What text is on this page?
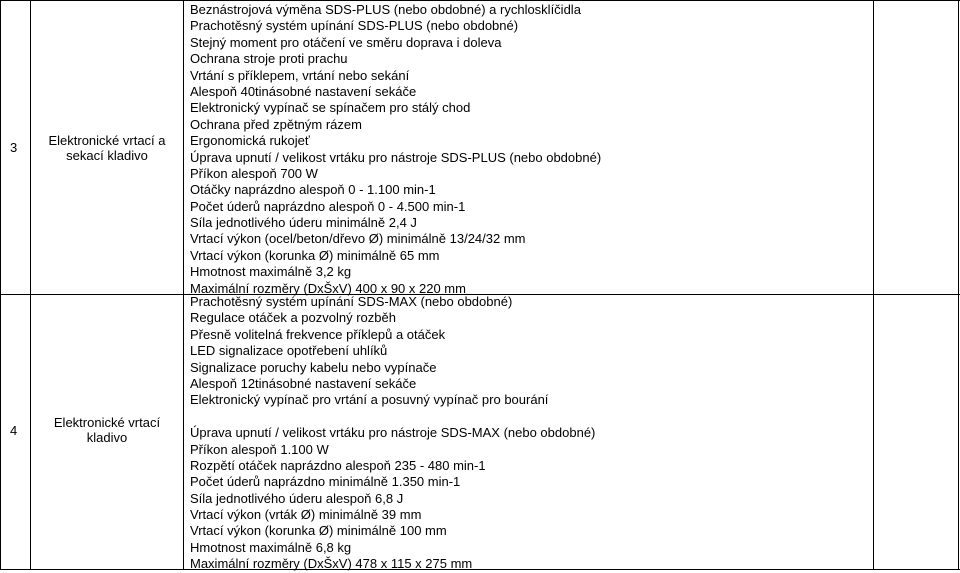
3	Elektronické vrtací a
sekací kladivo
Beznástrojová výměna SDS-PLUS (nebo obdobné) a rychlosklíčidla
Prachotěsný systém upínání SDS-PLUS (nebo obdobné)
Stejný moment pro otáčení ve směru doprava i doleva
Ochrana stroje proti prachu
Vrtání s příklepem, vrtání nebo sekání
Alespoň 40tinásobné nastavení sekáče
Elektronický vypínač se spínačem pro stálý chod
Ochrana před zpětným rázem
Ergonomická rukojeť
Úprava upnutí / velikost vrtáku pro nástroje SDS-PLUS (nebo obdobné)
Příkon alespoň 700 W
Otáčky naprázdno alespoň 0 - 1.100 min-1
Počet úderů naprázdno alespoň 0 - 4.500 min-1
Síla jednotlivého úderu minimálně 2,4 J
Vrtací výkon (ocel/beton/dřevo Ø) minimálně 13/24/32 mm
Vrtací výkon (korunka Ø) minimálně 65 mm
Hmotnost maximálně 3,2 kg
Maximální rozměry (DxŠxV) 400 x 90 x 220 mm
4
Elektronické vrtací
kladivo
Prachotěsný systém upínání SDS-MAX (nebo obdobné)
Regulace otáček a pozvolný rozběh
Přesně volitelná frekvence příklepů a otáček
LED signalizace opotřebení uhlíků
Signalizace poruchy kabelu nebo vypínače
Alespoň 12tinásobné nastavení sekáče
Elektronický vypínač pro vrtání a posuvný vypínač pro bourání
Úprava upnutí / velikost vrtáku pro nástroje SDS-MAX (nebo obdobné)
Příkon alespoň 1.100 W
Rozpětí otáček naprázdno alespoň 235 - 480 min-1
Počet úderů naprázdno minimálně 1.350 min-1
Síla jednotlivého úderu alespoň 6,8 J
Vrtací výkon (vrták Ø) minimálně 39 mm
Vrtací výkon (korunka Ø) minimálně 100 mm
Hmotnost maximálně 6,8 kg
Maximální rozměry (DxŠxV) 478 x 115 x 275 mm
